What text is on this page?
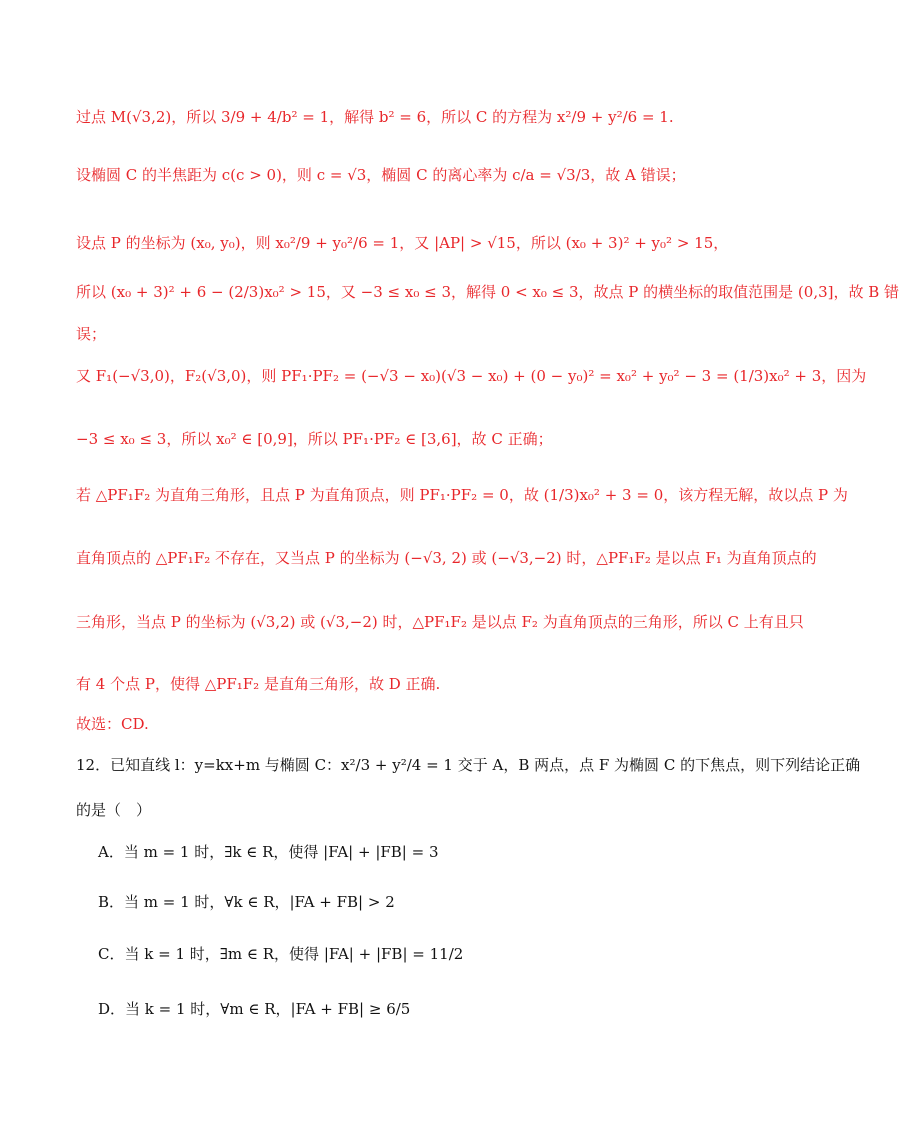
过点 M(√3,2)，所以 3/9 + 4/b² = 1，解得 b² = 6，所以 C 的方程为 x²/9 + y²/6 = 1.
设椭圆 C 的半焦距为 c(c > 0)，则 c = √3，椭圆 C 的离心率为 c/a = √3/3，故 A 错误；
设点 P 的坐标为 (x₀, y₀)，则 x₀²/9 + y₀²/6 = 1，又 |AP| > √15，所以 (x₀ + 3)² + y₀² > 15，
所以 (x₀ + 3)² + 6 − (2/3)x₀² > 15，又 −3 ≤ x₀ ≤ 3，解得 0 < x₀ ≤ 3，故点 P 的横坐标的取值范围是 (0,3]，故 B 错
误；
又 F₁(−√3,0)，F₂(√3,0)，则 PF₁·PF₂ = (−√3 − x₀)(√3 − x₀) + (0 − y₀)² = x₀² + y₀² − 3 = (1/3)x₀² + 3，因为
−3 ≤ x₀ ≤ 3，所以 x₀² ∈ [0,9]，所以 PF₁·PF₂ ∈ [3,6]，故 C 正确；
若 △PF₁F₂ 为直角三角形，且点 P 为直角顶点，则 PF₁·PF₂ = 0，故 (1/3)x₀² + 3 = 0，该方程无解，故以点 P 为
直角顶点的 △PF₁F₂ 不存在，又当点 P 的坐标为 (−√3, 2) 或 (−√3,−2) 时，△PF₁F₂ 是以点 F₁ 为直角顶点的
三角形，当点 P 的坐标为 (√3,2) 或 (√3,−2) 时，△PF₁F₂ 是以点 F₂ 为直角顶点的三角形，所以 C 上有且只
有 4 个点 P，使得 △PF₁F₂ 是直角三角形，故 D 正确.
故选：CD.
12．已知直线 l：y=kx+m 与椭圆 C：x²/3 + y²/4 = 1 交于 A，B 两点，点 F 为椭圆 C 的下焦点，则下列结论正确
的是（　）
A．当 m = 1 时，∃k ∈ R，使得 |FA| + |FB| = 3
B．当 m = 1 时，∀k ∈ R，|FA + FB| > 2
C．当 k = 1 时，∃m ∈ R，使得 |FA| + |FB| = 11/2
D．当 k = 1 时，∀m ∈ R，|FA + FB| ≥ 6/5
